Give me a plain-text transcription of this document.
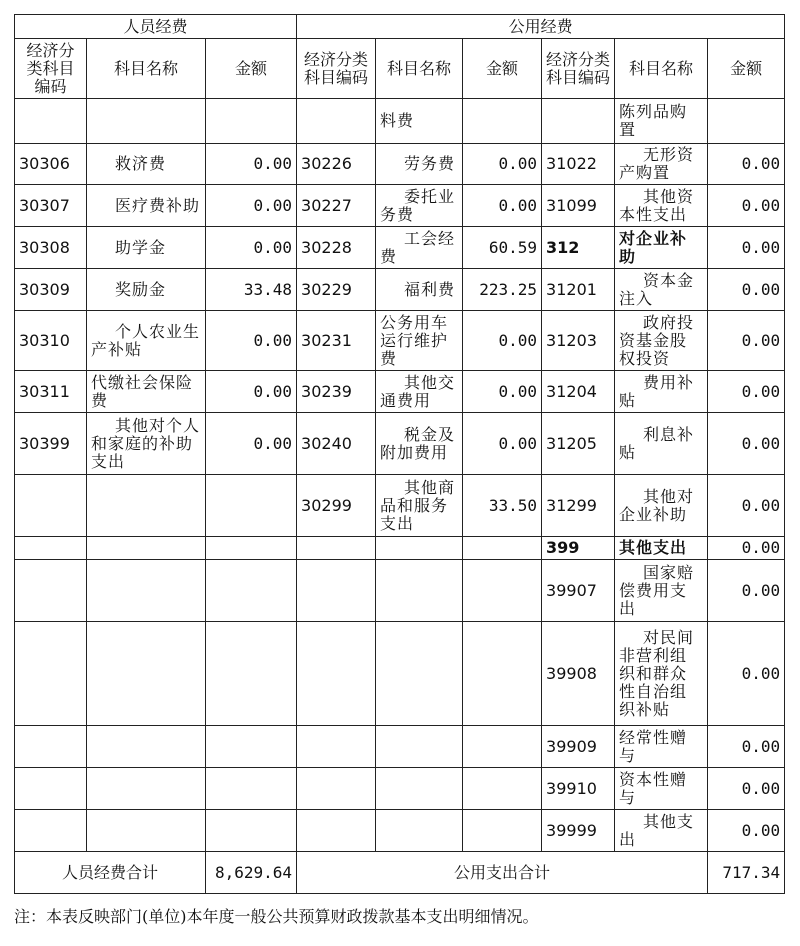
人员经费			公用经费					
经济分类科目编码	科目名称	金额	经济分类科目编码	科目名称	金额	经济分类科目编码	科目名称	金额
				料费			陈列品购置	
30306	救济费	0.00	30226	劳务费	0.00	31022	无形资产购置	0.00
30307	医疗费补助	0.00	30227	委托业务费	0.00	31099	其他资本性支出	0.00
30308	助学金	0.00	30228	工会经费	60.59	312	对企业补助	0.00
30309	奖励金	33.48	30229	福利费	223.25	31201	资本金注入	0.00
30310	个人农业生产补贴	0.00	30231	公务用车运行维护费	0.00	31203	政府投资基金股权投资	0.00
30311	代缴社会保险费	0.00	30239	其他交通费用	0.00	31204	费用补贴	0.00
30399	其他对个人和家庭的补助支出	0.00	30240	税金及附加费用	0.00	31205	利息补贴	0.00
			30299	其他商品和服务支出	33.50	31299	其他对企业补助	0.00
						399	其他支出	0.00
						39907	国家赔偿费用支出	0.00
						39908	对民间非营利组织和群众性自治组织补贴	0.00
						39909	经常性赠与	0.00
						39910	资本性赠与	0.00
						39999	其他支出	0.00
人员经费合计		8,629.64	公用支出合计					717.34
注：本表反映部门(单位)本年度一般公共预算财政拨款基本支出明细情况。
